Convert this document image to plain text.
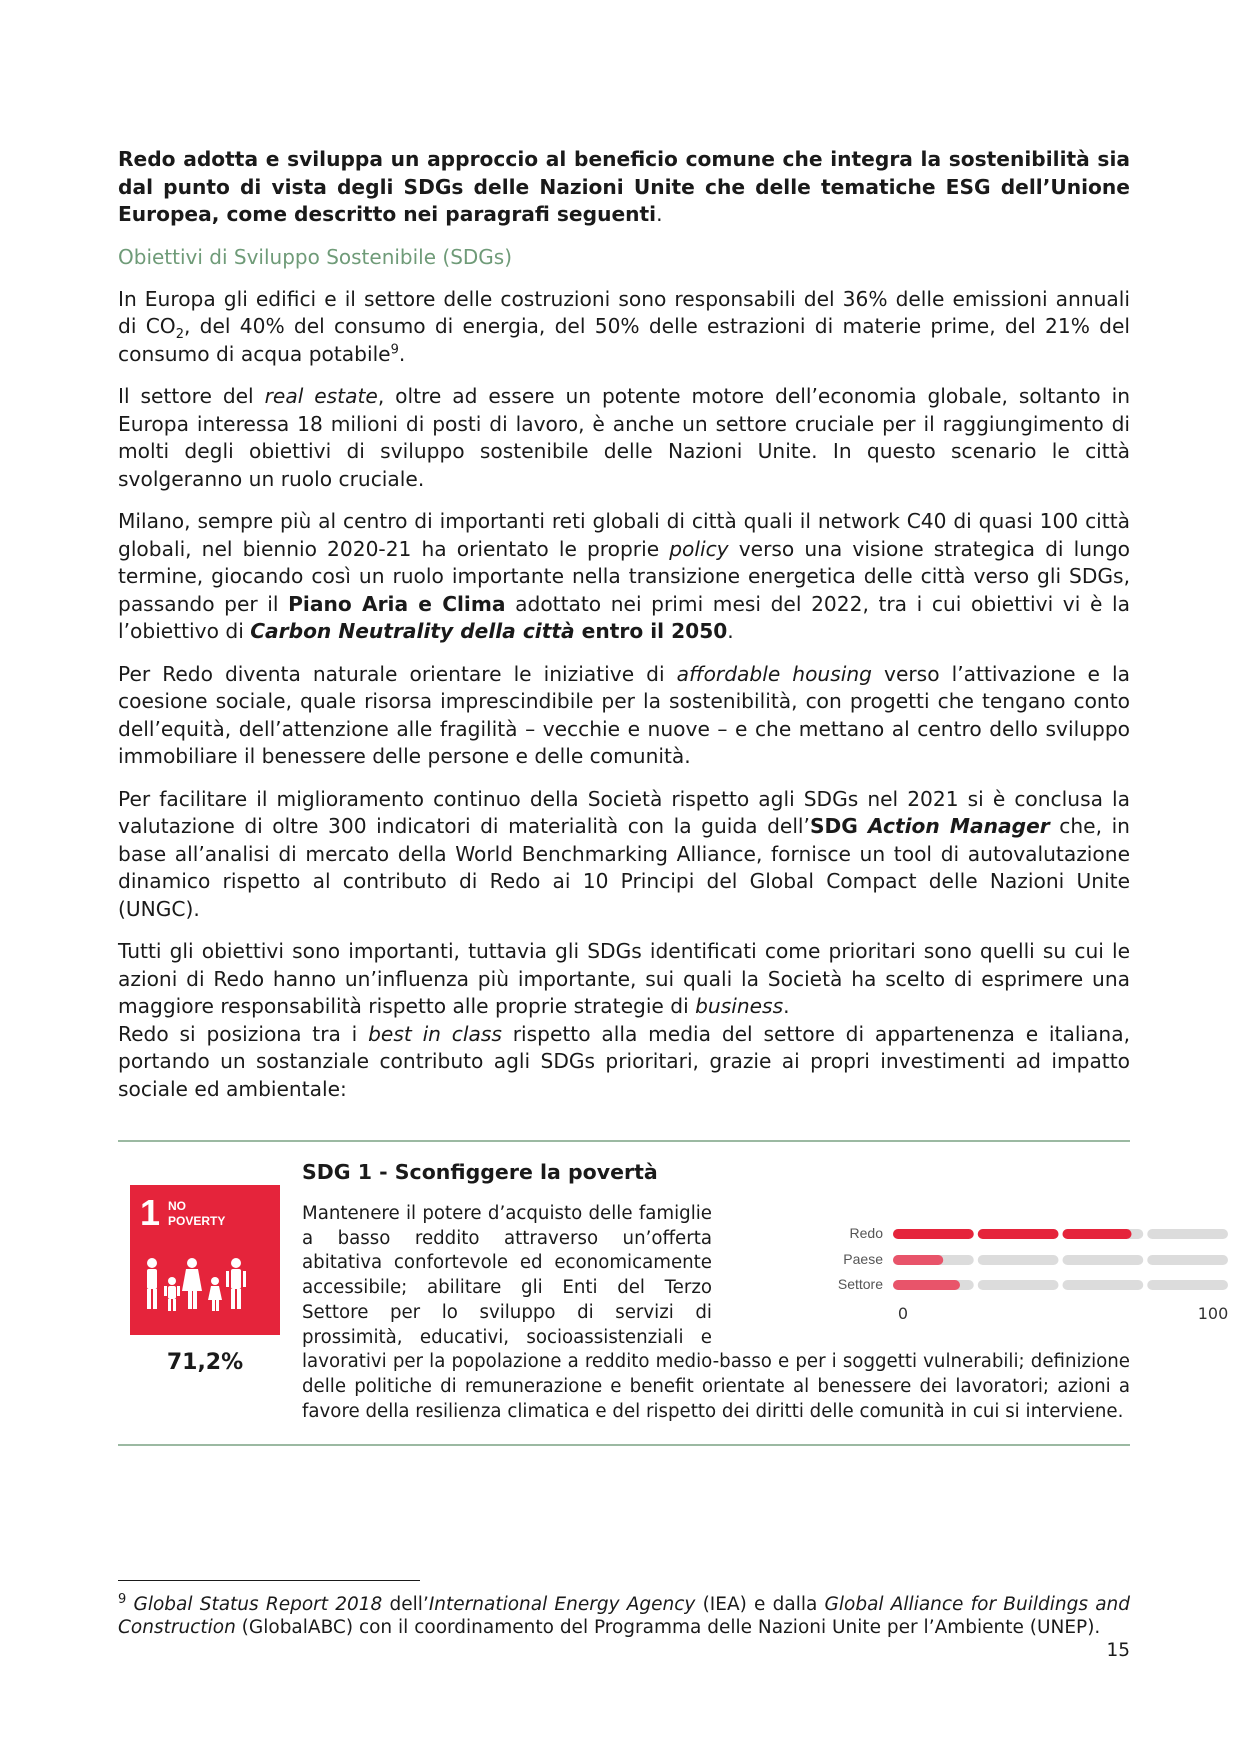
Redo adotta e sviluppa un approccio al beneficio comune che integra la sostenibilità sia dal punto di vista degli SDGs delle Nazioni Unite che delle tematiche ESG dell’Unione Europea, come descritto nei paragrafi seguenti.

Obiettivi di Sviluppo Sostenibile (SDGs)

In Europa gli edifici e il settore delle costruzioni sono responsabili del 36% delle emissioni annuali di $CO_2$, del 40% del consumo di energia, del 50% delle estrazioni di materie prime, del 21% del consumo di acqua potabile$^9$.

Il settore del real estate, oltre ad essere un potente motore dell’economia globale, soltanto in Europa interessa 18 milioni di posti di lavoro, è anche un settore cruciale per il raggiungimento di molti degli obiettivi di sviluppo sostenibile delle Nazioni Unite. In questo scenario le città svolgeranno un ruolo cruciale.

Milano, sempre più al centro di importanti reti globali di città quali il network C40 di quasi 100 città globali, nel biennio 2020-21 ha orientato le proprie policy verso una visione strategica di lungo termine, giocando così un ruolo importante nella transizione energetica delle città verso gli SDGs, passando per il Piano Aria e Clima adottato nei primi mesi del 2022, tra i cui obiettivi vi è la l’obiettivo di Carbon Neutrality della città entro il 2050.

Per Redo diventa naturale orientare le iniziative di affordable housing verso l’attivazione e la coesione sociale, quale risorsa imprescindibile per la sostenibilità, con progetti che tengano conto dell’equità, dell’attenzione alle fragilità – vecchie e nuove – e che mettano al centro dello sviluppo immobiliare il benessere delle persone e delle comunità.

Per facilitare il miglioramento continuo della Società rispetto agli SDGs nel 2021 si è conclusa la valutazione di oltre 300 indicatori di materialità con la guida dell’SDG Action Manager che, in base all’analisi di mercato della World Benchmarking Alliance, fornisce un tool di autovalutazione dinamico rispetto al contributo di Redo ai 10 Principi del Global Compact delle Nazioni Unite (UNGC).

Tutti gli obiettivi sono importanti, tuttavia gli SDGs identificati come prioritari sono quelli su cui le azioni di Redo hanno un’influenza più importante, sui quali la Società ha scelto di esprimere una maggiore responsabilità rispetto alle proprie strategie di business.

Redo si posiziona tra i best in class rispetto alla media del settore di appartenenza e italiana, portando un sostanziale contributo agli SDGs prioritari, grazie ai propri investimenti ad impatto sociale ed ambientale:

1 NO
POVERTY
71,2%
SDG 1 - Sconfiggere la povertà
Mantenere il potere d’acquisto delle famiglie a basso reddito attraverso un’offerta abitativa confortevole ed economicamente accessibile; abilitare gli Enti del Terzo Settore per lo sviluppo di servizi di prossimità, educativi, socioassistenziali e lavorativi per la popolazione a reddito medio-basso e per i soggetti vulnerabili; definizione delle politiche di remunerazione e benefit orientate al benessere dei lavoratori; azioni a favore della resilienza climatica e del rispetto dei diritti delle comunità in cui si interviene.
Redo
Paese
Settore
0	100
$^9$ Global Status Report 2018 dell’International Energy Agency (IEA) e dalla Global Alliance for Buildings and Construction (GlobalABC) con il coordinamento del Programma delle Nazioni Unite per l’Ambiente (UNEP).
15
